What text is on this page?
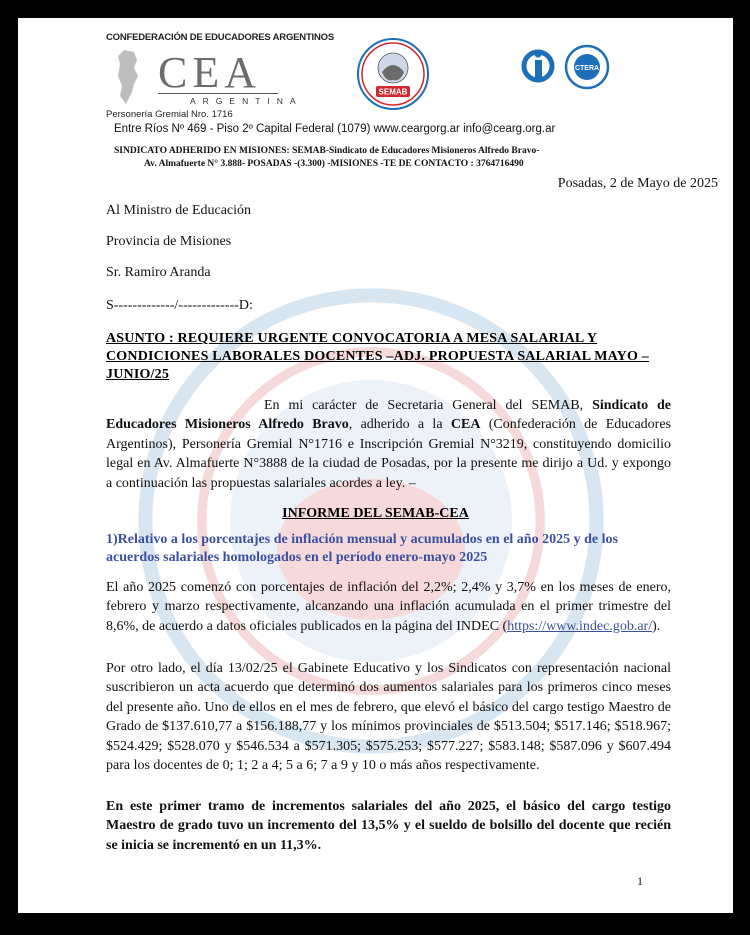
CONFEDERACIÓN DE EDUCADORES ARGENTINOS
CEA
ARGENTINA
Personería Gremial Nro. 1716
SEMAB
CTERA
Entre Ríos Nº 469 - Piso 2º Capital Federal (1079) www.ceargorg.ar info@cearg.org.ar
SINDICATO ADHERIDO EN MISIONES: SEMAB-Sindicato de Educadores Misioneros Alfredo Bravo-
Av. Almafuerte N° 3.888- POSADAS -(3.300) -MISIONES -TE DE CONTACTO : 3764716490
Posadas, 2 de Mayo de 2025
Al Ministro de Educación
Provincia de Misiones
Sr. Ramiro Aranda
S-------------/-------------D:
ASUNTO : REQUIERE URGENTE CONVOCATORIA A MESA SALARIAL Y CONDICIONES LABORALES DOCENTES –ADJ. PROPUESTA SALARIAL MAYO –JUNIO/25

En mi carácter de Secretaria General del SEMAB, Sindicato de Educadores Misioneros Alfredo Bravo, adherido a la CEA (Confederación de Educadores Argentinos), Personería Gremial N°1716 e Inscripción Gremial N°3219, constituyendo domicilio legal en Av. Almafuerte N°3888 de la ciudad de Posadas, por la presente me dirijo a Ud. y expongo a continuación las propuestas salariales acordes a ley. –

INFORME DEL SEMAB-CEA
1)Relativo a los porcentajes de inflación mensual y acumulados en el año 2025 y de los acuerdos salariales homologados en el período enero-mayo 2025

El año 2025 comenzó con porcentajes de inflación del 2,2%; 2,4% y 3,7% en los meses de enero, febrero y marzo respectivamente, alcanzando una inflación acumulada en el primer trimestre del 8,6%, de acuerdo a datos oficiales publicados en la página del INDEC (https://www.indec.gob.ar/).

Por otro lado, el día 13/02/25 el Gabinete Educativo y los Sindicatos con representación nacional suscribieron un acta acuerdo que determinó dos aumentos salariales para los primeros cinco meses del presente año. Uno de ellos en el mes de febrero, que elevó el básico del cargo testigo Maestro de Grado de $137.610,77 a $156.188,77 y los mínimos provinciales de $513.504; $517.146; $518.967; $524.429; $528.070 y $546.534 a $571.305; $575.253; $577.227; $583.148; $587.096 y $607.494 para los docentes de 0; 1; 2 a 4; 5 a 6; 7 a 9 y 10 o más años respectivamente.

En este primer tramo de incrementos salariales del año 2025, el básico del cargo testigo Maestro de grado tuvo un incremento del 13,5% y el sueldo de bolsillo del docente que recién se inicia se incrementó en un 11,3%.

1
